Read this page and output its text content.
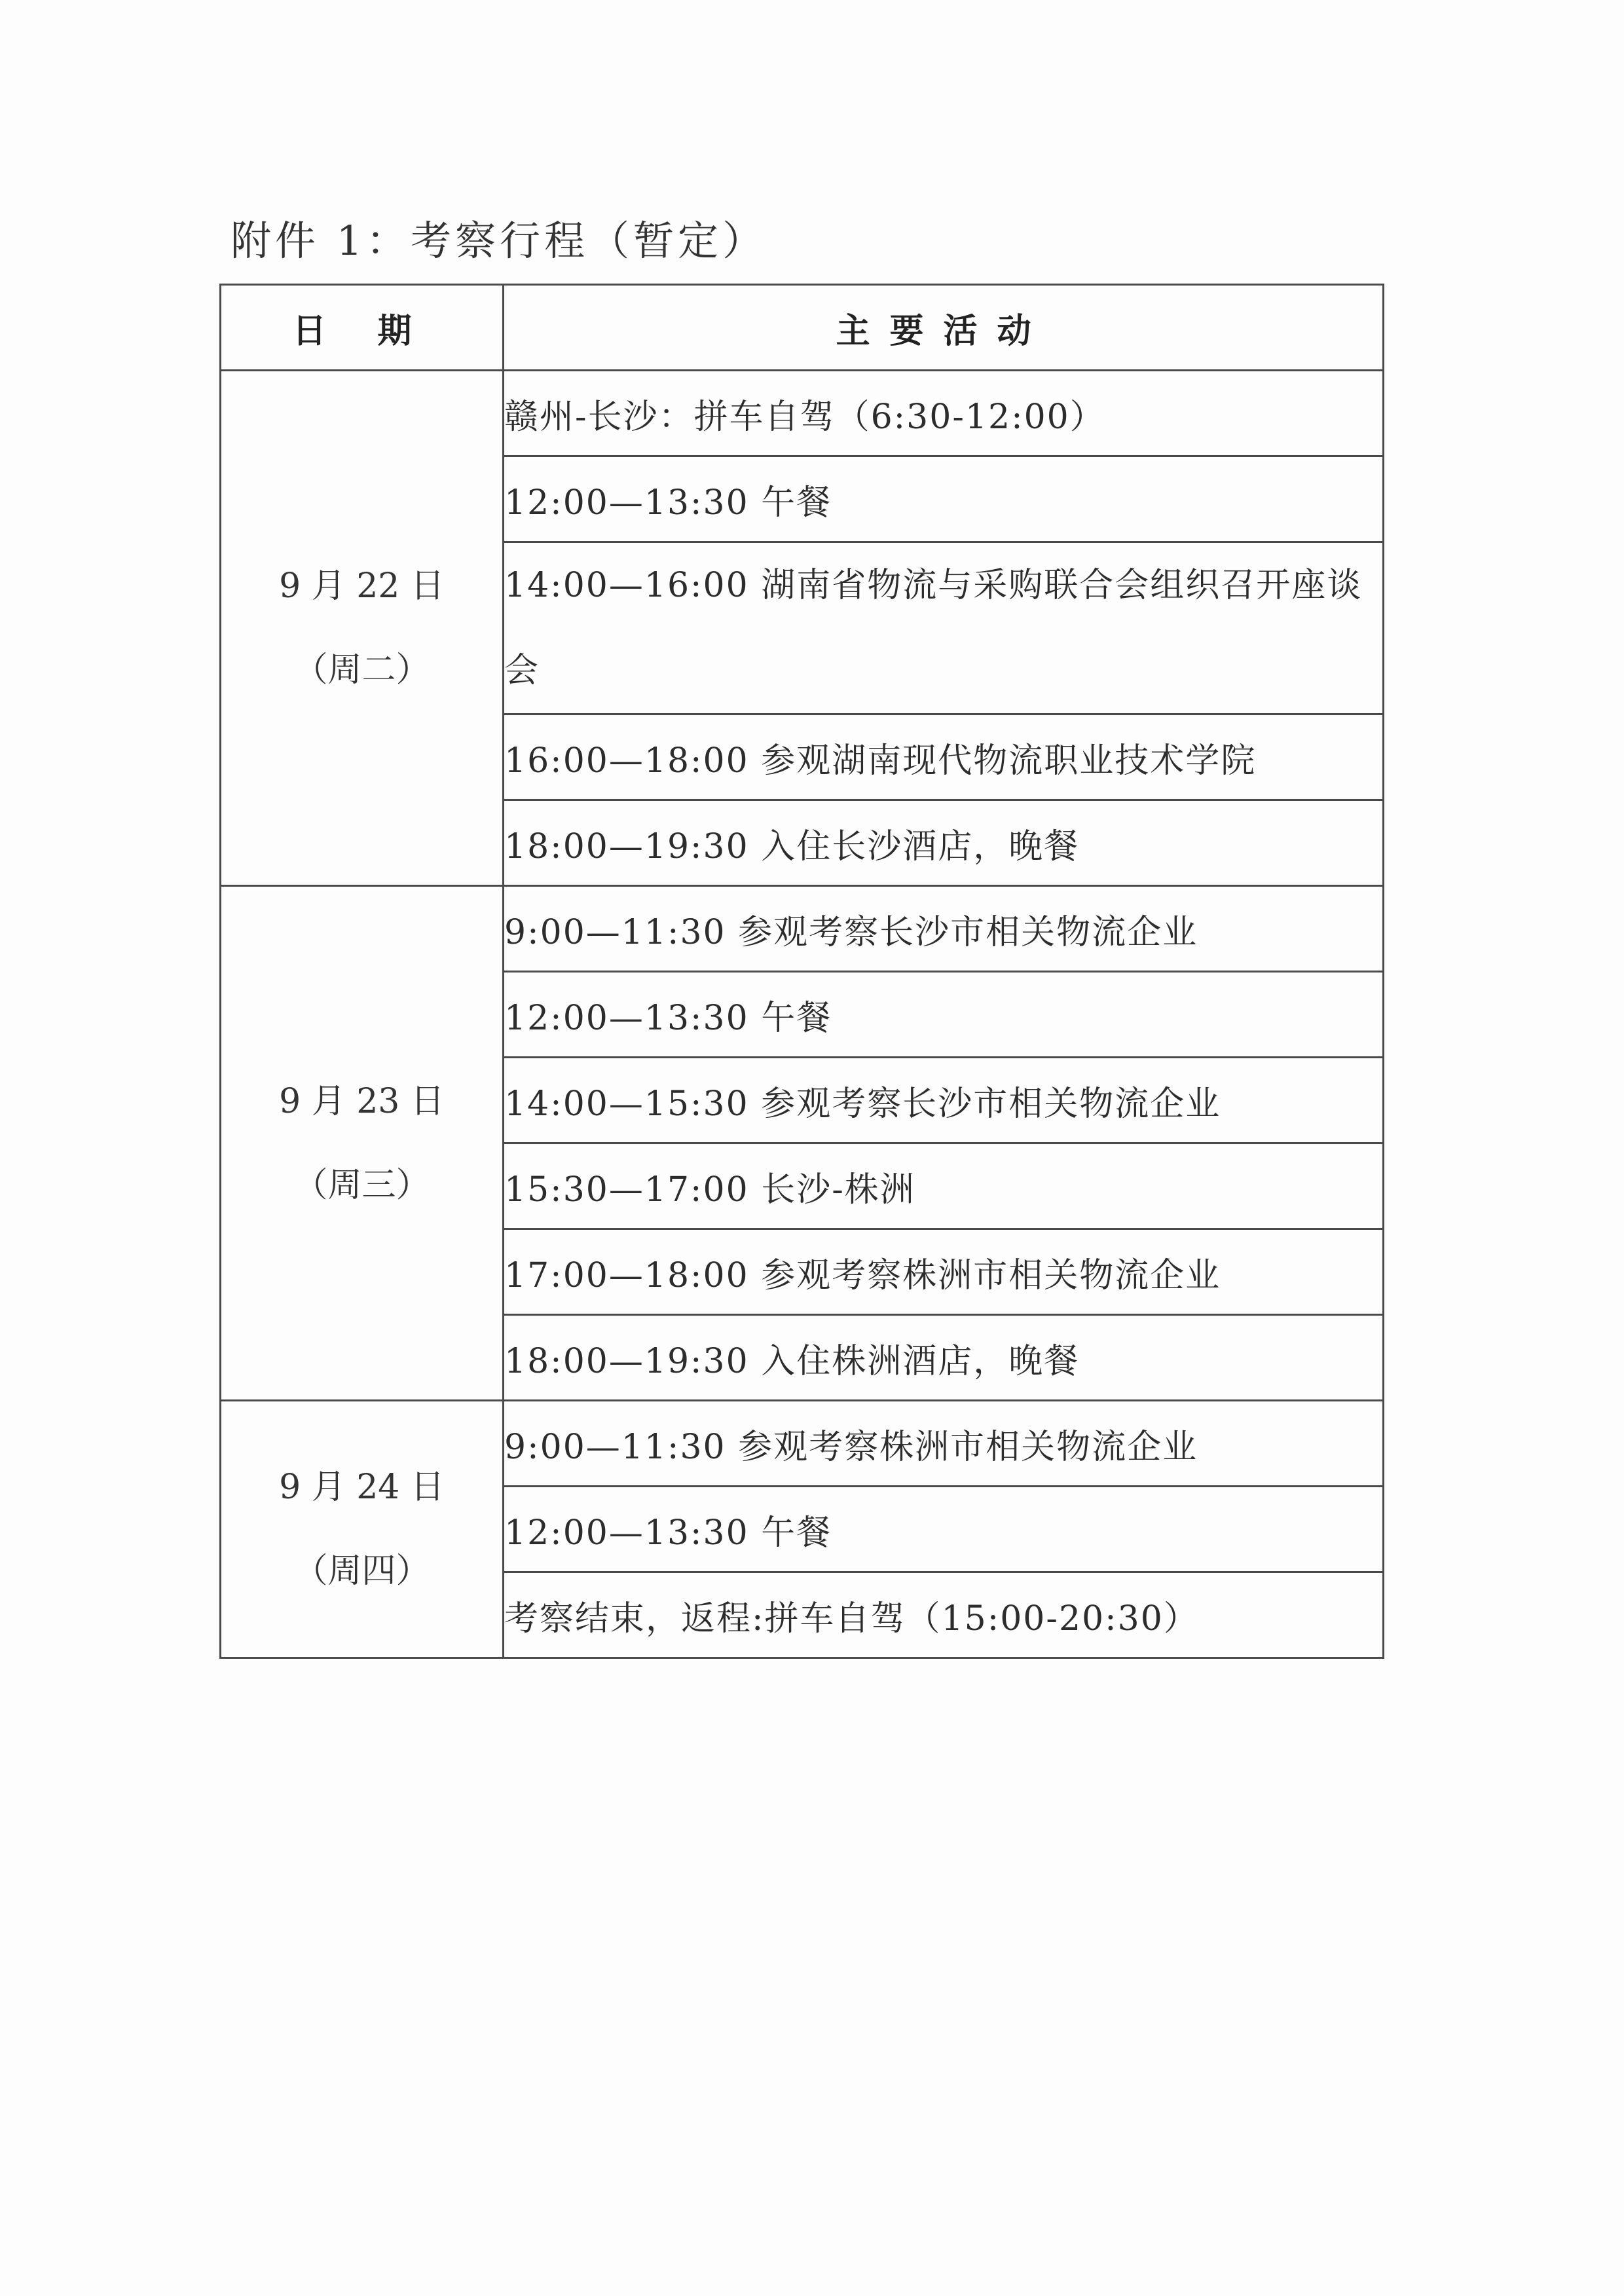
附件 1：考察行程（暂定）
日 期	主要活动

9 月 22 日
（周二）	赣州-长沙：拼车自驾（6:30-12:00）
	12:00—13:30 午餐
	14:00—16:00 湖南省物流与采购联合会组织召开座谈会
	16:00—18:00 参观湖南现代物流职业技术学院
	18:00—19:30 入住长沙酒店，晚餐

9 月 23 日
（周三）	9:00—11:30 参观考察长沙市相关物流企业
	12:00—13:30 午餐
	14:00—15:30 参观考察长沙市相关物流企业
	15:30—17:00 长沙-株洲
	17:00—18:00 参观考察株洲市相关物流企业
	18:00—19:30 入住株洲酒店，晚餐

9 月 24 日
（周四）	9:00—11:30 参观考察株洲市相关物流企业
	12:00—13:30 午餐
	考察结束，返程:拼车自驾（15:00-20:30）
